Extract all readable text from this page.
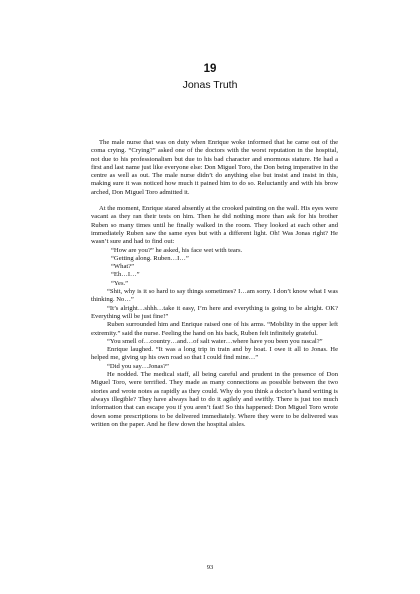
19
Jonas Truth

The male nurse that was on duty when Enrique woke informed that he came out of the coma crying. “Crying?” asked one of the doctors with the worst reputation in the hospital, not due to his professionalism but due to his bad character and enormous stature. He had a first and last name just like everyone else: Don Miguel Toro, the Don being imperative in the centre as well as out. The male nurse didn’t do anything else but insist and insist in this, making sure it was noticed how much it pained him to do so. Reluctantly and with his brow arched, Don Miguel Toro admitted it.

At the moment, Enrique stared absently at the crooked painting on the wall. His eyes were vacant as they ran their tests on him. Then he did nothing more than ask for his brother Ruben so many times until he finally walked in the room. They looked at each other and immediately Ruben saw the same eyes but with a different light. Oh! Was Jonas right? He wasn’t sure and had to find out:

“How are you?” he asked, his face wet with tears.

“Getting along. Ruben…I…”

“What?”

“Eh…I…”

“Yes.”

“Shit, why is it so hard to say things sometimes? I…am sorry. I don’t know what I was thinking. No…”

“It’s alright…shhh…take it easy, I’m here and everything is going to be alright. OK? Everything will be just fine!”

Ruben surrounded him and Enrique raised one of his arms. “Mobility in the upper left extremity.” said the nurse. Feeling the hand on his back, Ruben felt infinitely grateful.

“You smell of…country…and…of salt water…where have you been you rascal?”

Enrique laughed. “It was a long trip in train and by boat. I owe it all to Jonas. He helped me, giving up his own road so that I could find mine…”

“Did you say…Jonas?”

He nodded. The medical staff, all being careful and prudent in the presence of Don Miguel Toro, were terrified. They made as many connections as possible between the two stories and wrote notes as rapidly as they could. Why do you think a doctor’s hand writing is always illegible? They have always had to do it agilely and swiftly. There is just too much information that can escape you if you aren’t fast! So this happened: Don Miguel Toro wrote down some prescriptions to be delivered immediately. Where they were to be delivered was written on the paper. And he flew down the hospital aisles.

93
